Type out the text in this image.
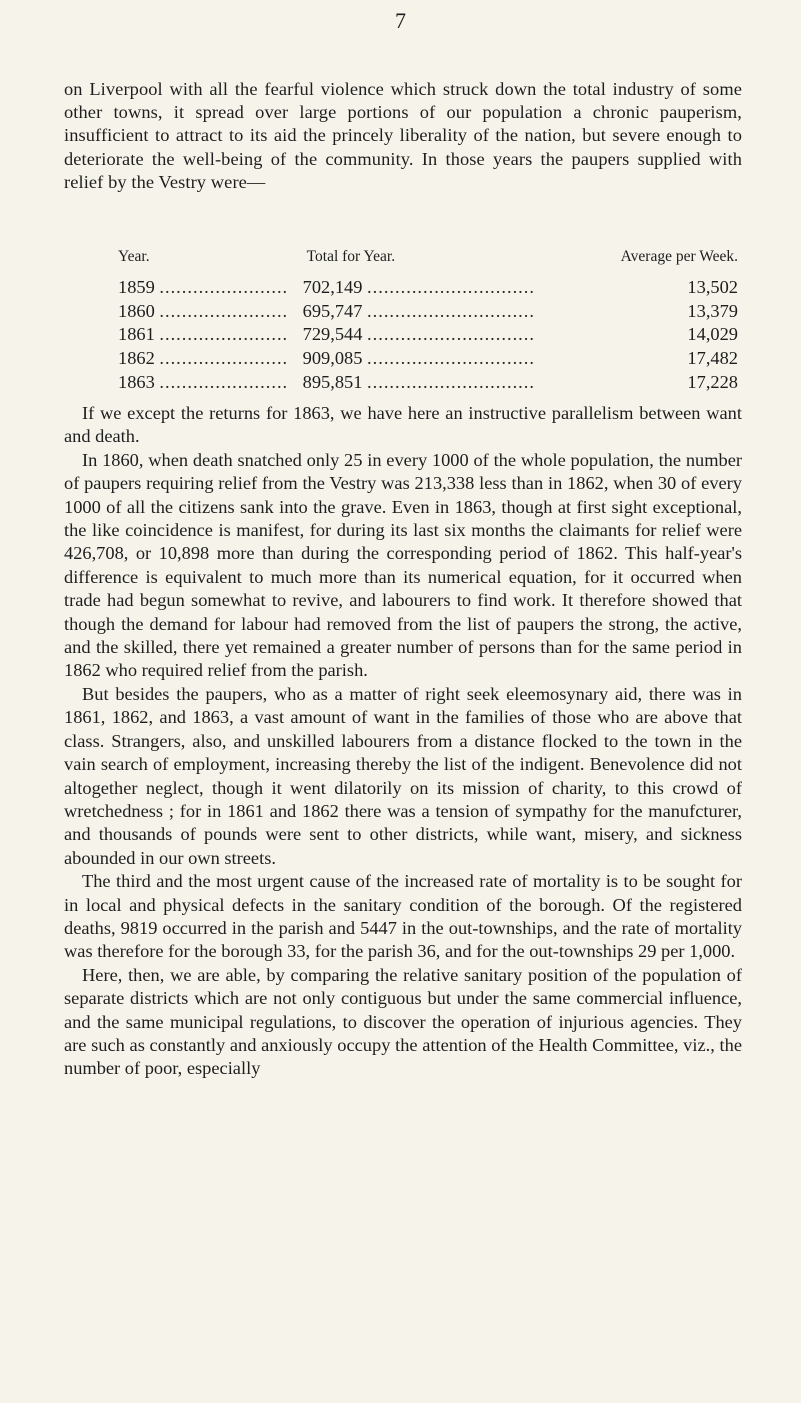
7

on Liverpool with all the fearful violence which struck down the total industry of some other towns, it spread over large portions of our population a chronic pauperism, insufficient to attract to its aid the princely liberality of the nation, but severe enough to deteriorate the well-being of the community. In those years the paupers supplied with relief by the Vestry were—

Year.	Total for Year.	Average per Week.
1859 .......................	702,149 ..............................	13,502
1860 .......................	695,747 ..............................	13,379
1861 .......................	729,544 ..............................	14,029
1862 .......................	909,085 ..............................	17,482
1863 .......................	895,851 ..............................	17,228

If we except the returns for 1863, we have here an instructive parallelism between want and death.

In 1860, when death snatched only 25 in every 1000 of the whole population, the number of paupers requiring relief from the Vestry was 213,338 less than in 1862, when 30 of every 1000 of all the citizens sank into the grave. Even in 1863, though at first sight exceptional, the like coincidence is manifest, for during its last six months the claimants for relief were 426,708, or 10,898 more than during the corresponding period of 1862. This half-year's difference is equivalent to much more than its numerical equation, for it occurred when trade had begun somewhat to revive, and labourers to find work. It therefore showed that though the demand for labour had removed from the list of paupers the strong, the active, and the skilled, there yet remained a greater number of persons than for the same period in 1862 who required relief from the parish.

But besides the paupers, who as a matter of right seek eleemosynary aid, there was in 1861, 1862, and 1863, a vast amount of want in the families of those who are above that class. Strangers, also, and unskilled labourers from a distance flocked to the town in the vain search of employment, increasing thereby the list of the indigent. Benevolence did not altogether neglect, though it went dilatorily on its mission of charity, to this crowd of wretchedness ; for in 1861 and 1862 there was a tension of sympathy for the manufcturer, and thousands of pounds were sent to other districts, while want, misery, and sickness abounded in our own streets.

The third and the most urgent cause of the increased rate of mortality is to be sought for in local and physical defects in the sanitary condition of the borough. Of the registered deaths, 9819 occurred in the parish and 5447 in the out-townships, and the rate of mortality was therefore for the borough 33, for the parish 36, and for the out-townships 29 per 1,000.

Here, then, we are able, by comparing the relative sanitary position of the population of separate districts which are not only contiguous but under the same commercial influence, and the same municipal regulations, to discover the operation of injurious agencies. They are such as constantly and anxiously occupy the attention of the Health Committee, viz., the number of poor, especially
